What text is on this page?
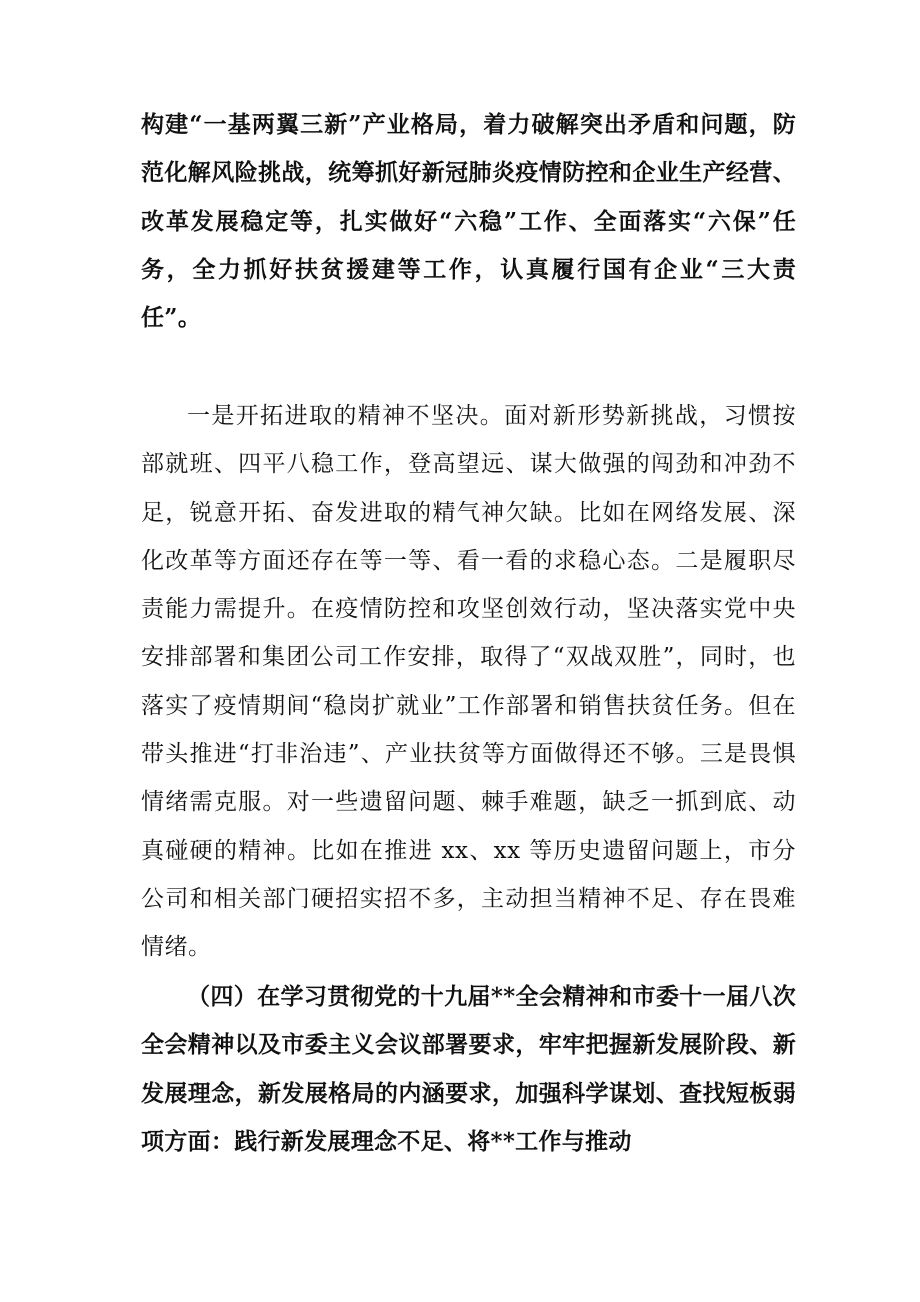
构建“一基两翼三新”产业格局，着力破解突出矛盾和问题，防范化解风险挑战，统筹抓好新冠肺炎疫情防控和企业生产经营、改革发展稳定等，扎实做好“六稳”工作、全面落实“六保”任务，全力抓好扶贫援建等工作，认真履行国有企业“三大责任”。

一是开拓进取的精神不坚决。面对新形势新挑战，习惯按部就班、四平八稳工作，登高望远、谋大做强的闯劲和冲劲不足，锐意开拓、奋发进取的精气神欠缺。比如在网络发展、深化改革等方面还存在等一等、看一看的求稳心态。二是履职尽责能力需提升。在疫情防控和攻坚创效行动，坚决落实党中央安排部署和集团公司工作安排，取得了“双战双胜”，同时，也落实了疫情期间“稳岗扩就业”工作部署和销售扶贫任务。但在带头推进“打非治违”、产业扶贫等方面做得还不够。三是畏惧情绪需克服。对一些遗留问题、棘手难题，缺乏一抓到底、动真碰硬的精神。比如在推进 xx、xx 等历史遗留问题上，市分公司和相关部门硬招实招不多，主动担当精神不足、存在畏难情绪。

（四）在学习贯彻党的十九届**全会精神和市委十一届八次全会精神以及市委主义会议部署要求，牢牢把握新发展阶段、新发展理念，新发展格局的内涵要求，加强科学谋划、查找短板弱项方面：践行新发展理念不足、将**工作与推动
